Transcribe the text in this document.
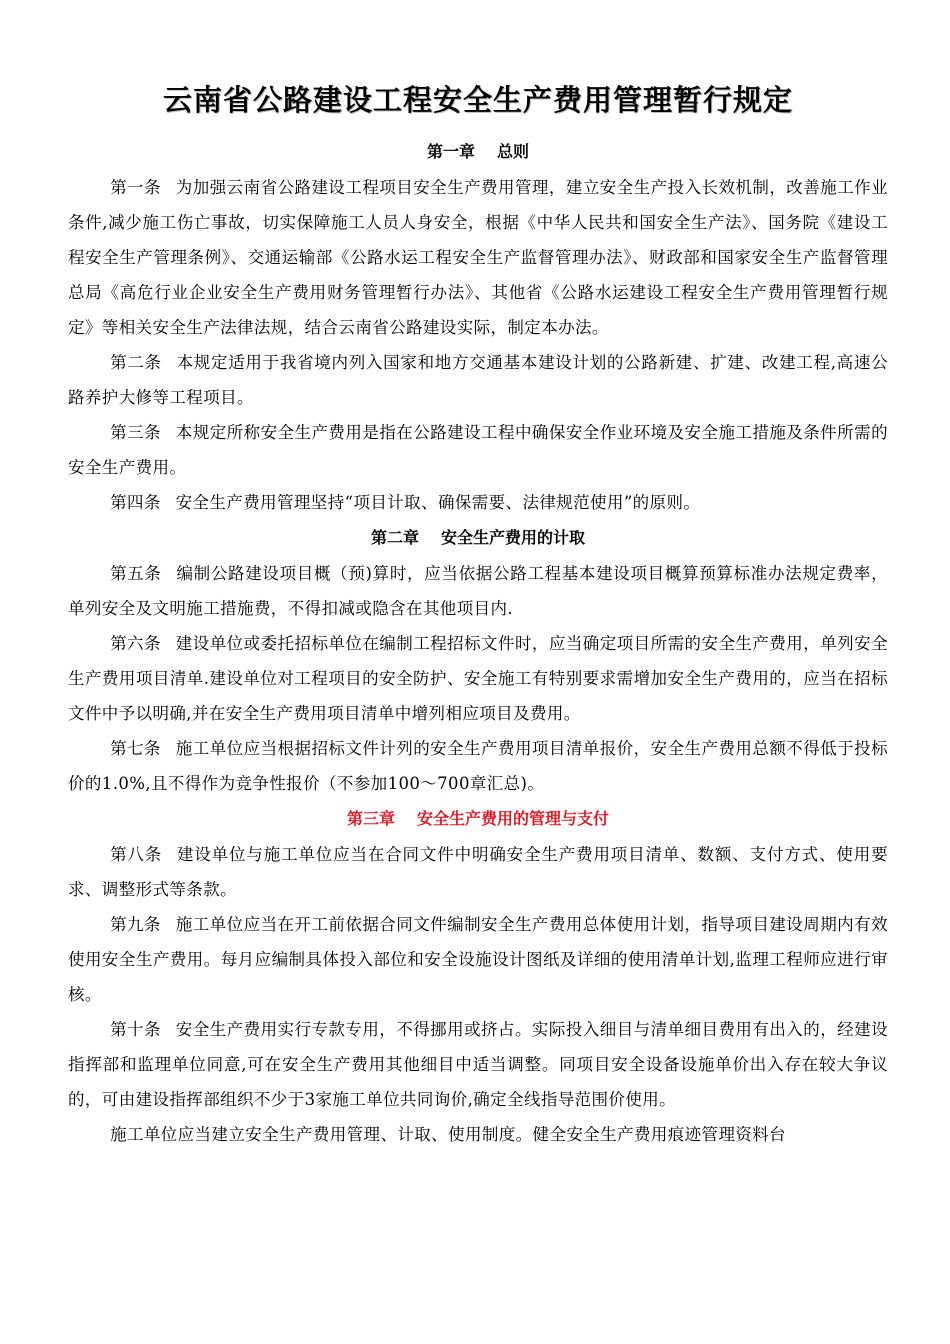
云南省公路建设工程安全生产费用管理暂行规定

第一章 总则

第一条 为加强云南省公路建设工程项目安全生产费用管理，建立安全生产投入长效机制，改善施工作业条件,减少施工伤亡事故，切实保障施工人员人身安全，根据《中华人民共和国安全生产法》、国务院《建设工程安全生产管理条例》、交通运输部《公路水运工程安全生产监督管理办法》、财政部和国家安全生产监督管理总局《高危行业企业安全生产费用财务管理暂行办法》、其他省《公路水运建设工程安全生产费用管理暂行规定》等相关安全生产法律法规，结合云南省公路建设实际，制定本办法。

第二条 本规定适用于我省境内列入国家和地方交通基本建设计划的公路新建、扩建、改建工程,高速公路养护大修等工程项目。

第三条 本规定所称安全生产费用是指在公路建设工程中确保安全作业环境及安全施工措施及条件所需的安全生产费用。

第四条 安全生产费用管理坚持“项目计取、确保需要、法律规范使用”的原则。

第二章 安全生产费用的计取

第五条 编制公路建设项目概（预)算时，应当依据公路工程基本建设项目概算预算标准办法规定费率，单列安全及文明施工措施费，不得扣减或隐含在其他项目内.

第六条 建设单位或委托招标单位在编制工程招标文件时，应当确定项目所需的安全生产费用，单列安全生产费用项目清单.建设单位对工程项目的安全防护、安全施工有特别要求需增加安全生产费用的，应当在招标文件中予以明确,并在安全生产费用项目清单中增列相应项目及费用。

第七条 施工单位应当根据招标文件计列的安全生产费用项目清单报价，安全生产费用总额不得低于投标价的1.0%,且不得作为竞争性报价（不参加100～700章汇总)。

第三章 安全生产费用的管理与支付

第八条 建设单位与施工单位应当在合同文件中明确安全生产费用项目清单、数额、支付方式、使用要求、调整形式等条款。

第九条 施工单位应当在开工前依据合同文件编制安全生产费用总体使用计划，指导项目建设周期内有效使用安全生产费用。每月应编制具体投入部位和安全设施设计图纸及详细的使用清单计划,监理工程师应进行审核。

第十条 安全生产费用实行专款专用，不得挪用或挤占。实际投入细目与清单细目费用有出入的，经建设指挥部和监理单位同意,可在安全生产费用其他细目中适当调整。同项目安全设备设施单价出入存在较大争议的，可由建设指挥部组织不少于3家施工单位共同询价,确定全线指导范围价使用。

施工单位应当建立安全生产费用管理、计取、使用制度。健全安全生产费用痕迹管理资料台
